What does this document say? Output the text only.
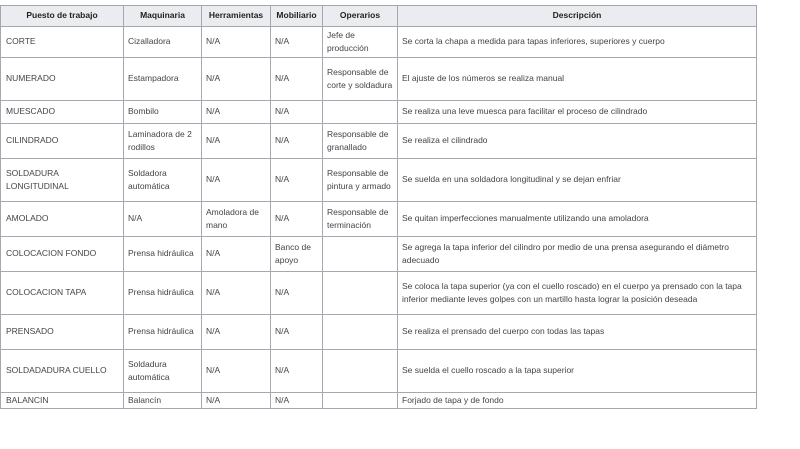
Puesto de trabajo	Maquinaria	Herramientas	Mobiliario	Operarios	Descripción
CORTE	Cizalladora	N/A	N/A	Jefe de producción	Se corta la chapa a medida para tapas inferiores, superiores y cuerpo
NUMERADO	Estampadora	N/A	N/A	Responsable de corte y soldadura	El ajuste de los números se realiza manual
MUESCADO	Bombilo	N/A	N/A		Se realiza una leve muesca para facilitar el proceso de cilindrado
CILINDRADO	Laminadora de 2 rodillos	N/A	N/A	Responsable de granallado	Se realiza el cilindrado
SOLDADURA LONGITUDINAL	Soldadora automática	N/A	N/A	Responsable de pintura y armado	Se suelda en una soldadora longitudinal y se dejan enfriar
AMOLADO	N/A	Amoladora de mano	N/A	Responsable de terminación	Se quitan imperfecciones manualmente utilizando una amoladora
COLOCACION FONDO	Prensa hidráulica	N/A	Banco de apoyo		Se agrega la tapa inferior del cilindro por medio de una prensa asegurando el diámetro adecuado
COLOCACION TAPA	Prensa hidráulica	N/A	N/A		Se coloca la tapa superior (ya con el cuello roscado) en el cuerpo ya prensado con la tapa inferior mediante leves golpes con un martillo hasta lograr la posición deseada
PRENSADO	Prensa hidráulica	N/A	N/A		Se realiza el prensado del cuerpo con todas las tapas
SOLDADADURA CUELLO	Soldadura automática	N/A	N/A		Se suelda el cuello roscado a la tapa superior
BALANCIN	Balancín	N/A	N/A		Forjado de tapa y de fondo
